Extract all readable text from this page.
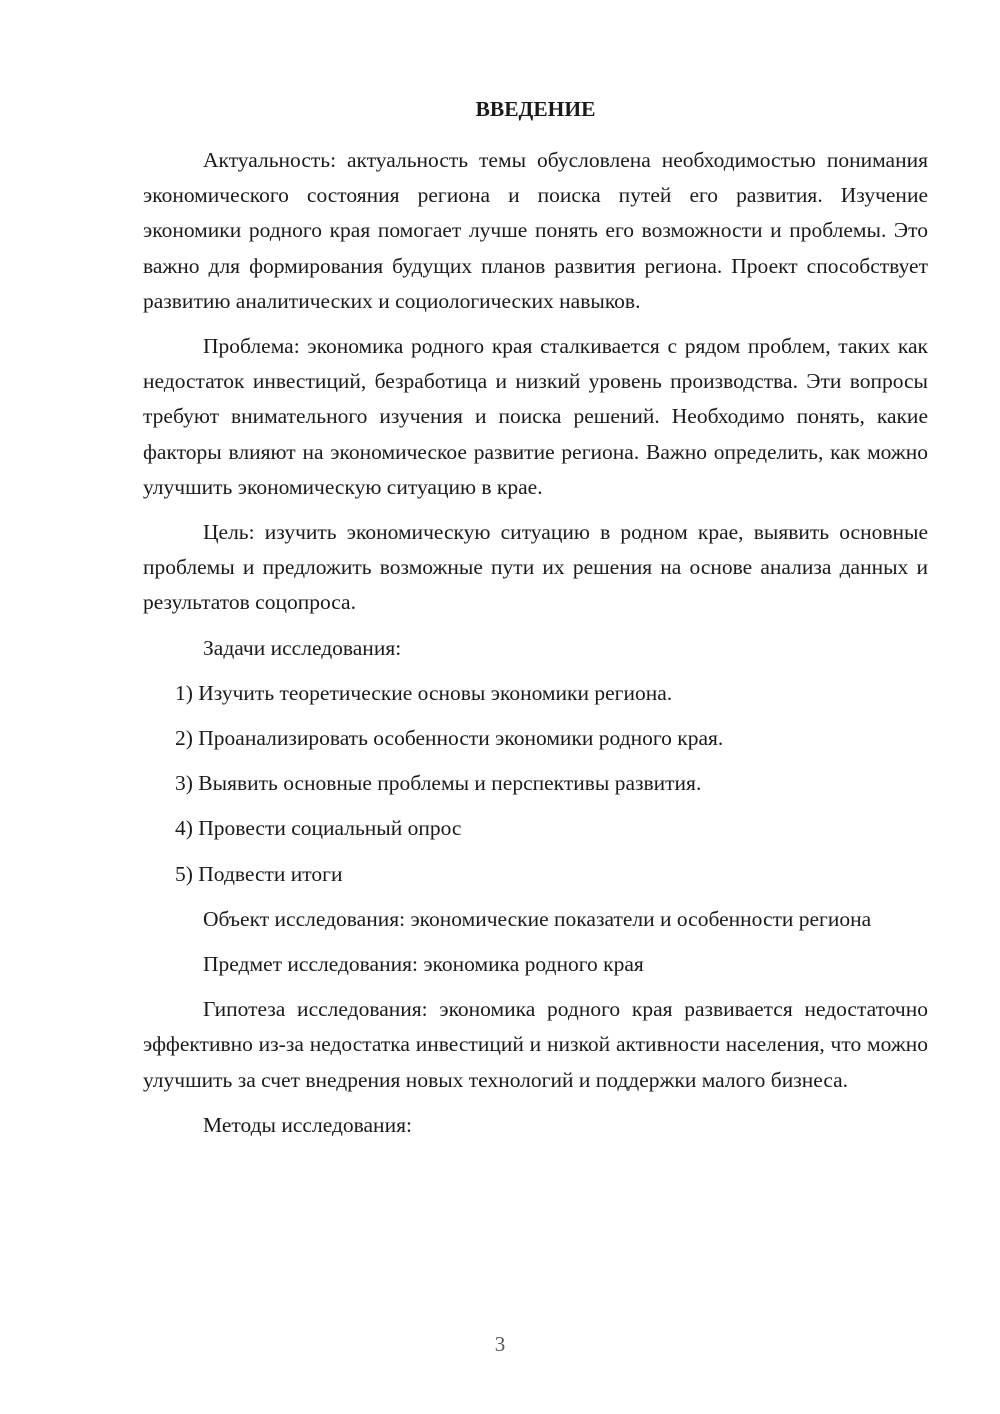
ВВЕДЕНИЕ

Актуальность: актуальность темы обусловлена необходимостью понимания экономического состояния региона и поиска путей его развития. Изучение экономики родного края помогает лучше понять его возможности и проблемы. Это важно для формирования будущих планов развития региона. Проект способствует развитию аналитических и социологических навыков.

Проблема: экономика родного края сталкивается с рядом проблем, таких как недостаток инвестиций, безработица и низкий уровень производства. Эти вопросы требуют внимательного изучения и поиска решений. Необходимо понять, какие факторы влияют на экономическое развитие региона. Важно определить, как можно улучшить экономическую ситуацию в крае.

Цель: изучить экономическую ситуацию в родном крае, выявить основные проблемы и предложить возможные пути их решения на основе анализа данных и результатов соцопроса.

Задачи исследования:

1) Изучить теоретические основы экономики региона.
2) Проанализировать особенности экономики родного края.
3) Выявить основные проблемы и перспективы развития.
4) Провести социальный опрос
5) Подвести итоги

Объект исследования: экономические показатели и особенности региона

Предмет исследования: экономика родного края

Гипотеза исследования: экономика родного края развивается недостаточно эффективно из-за недостатка инвестиций и низкой активности населения, что можно улучшить за счет внедрения новых технологий и поддержки малого бизнеса.

Методы исследования:

3
